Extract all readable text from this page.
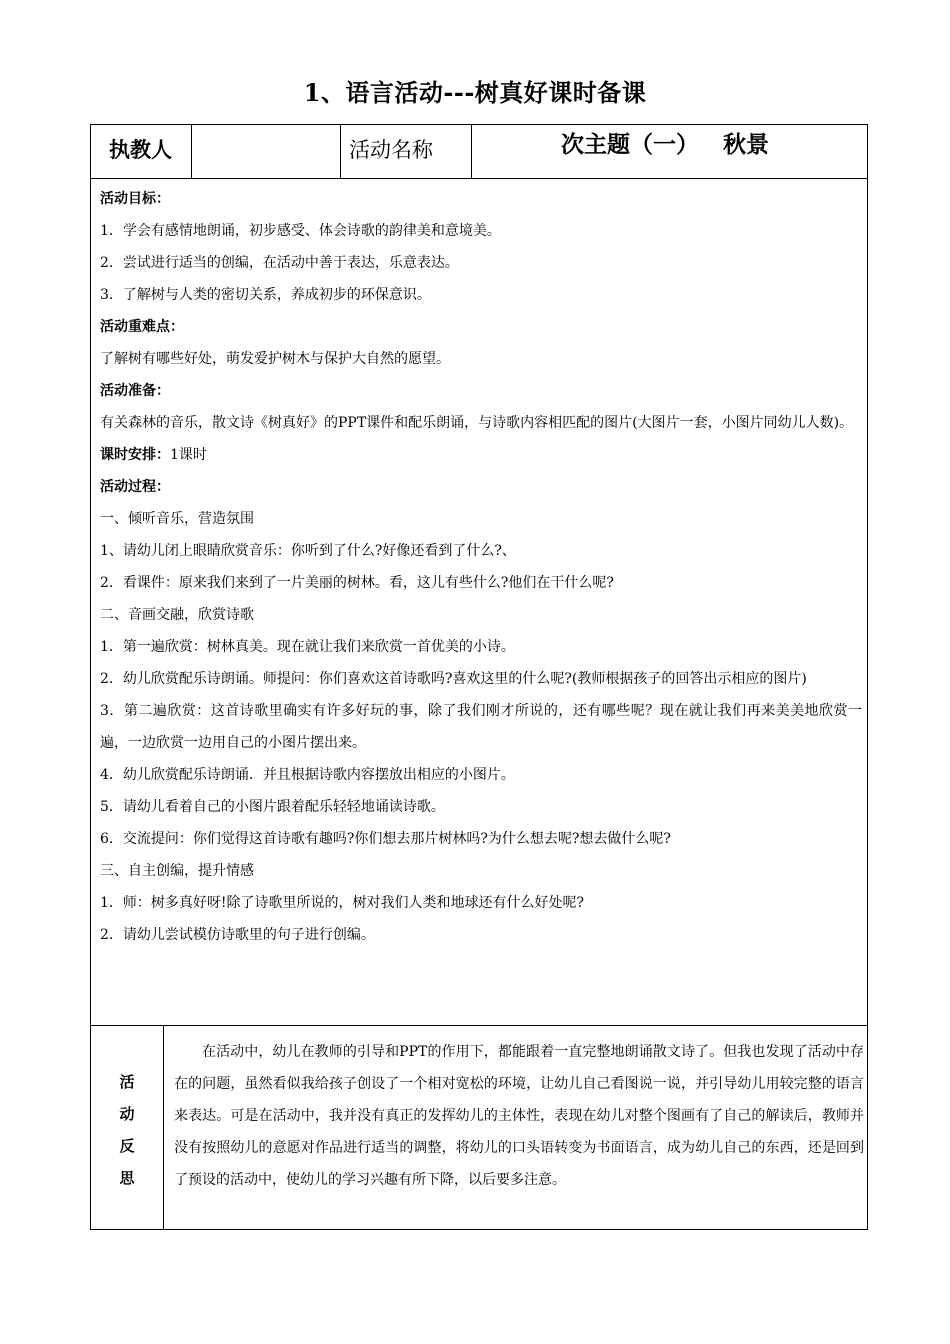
1、语言活动---树真好课时备课
执教人	活动名称	次主题（一）   秋景
活动目标：
1．学会有感情地朗诵，初步感受、体会诗歌的韵律美和意境美。
2．尝试进行适当的创编，在活动中善于表达，乐意表达。
3．了解树与人类的密切关系，养成初步的环保意识。
活动重难点：
了解树有哪些好处，萌发爱护树木与保护大自然的愿望。
活动准备：
有关森林的音乐，散文诗《树真好》的PPT课件和配乐朗诵，与诗歌内容相匹配的图片(大图片一套，小图片同幼儿人数)。
课时安排：1课时
活动过程：
一、倾听音乐，营造氛围
1、请幼儿闭上眼睛欣赏音乐：你听到了什么?好像还看到了什么?、
2．看课件：原来我们来到了一片美丽的树林。看，这儿有些什么?他们在干什么呢?
二、音画交融，欣赏诗歌
1．第一遍欣赏：树林真美。现在就让我们来欣赏一首优美的小诗。
2．幼儿欣赏配乐诗朗诵。师提问：你们喜欢这首诗歌吗?喜欢这里的什么呢?(教师根据孩子的回答出示相应的图片)
3．第二遍欣赏：这首诗歌里确实有许多好玩的事，除了我们刚才所说的，还有哪些呢？现在就让我们再来美美地欣赏一遍，一边欣赏一边用自己的小图片摆出来。
4．幼儿欣赏配乐诗朗诵．并且根据诗歌内容摆放出相应的小图片。
5．请幼儿看着自己的小图片跟着配乐轻轻地诵读诗歌。
6．交流提问：你们觉得这首诗歌有趣吗?你们想去那片树林吗?为什么想去呢?想去做什么呢?
三、自主创编，提升情感
1．师：树多真好呀!除了诗歌里所说的，树对我们人类和地球还有什么好处呢?
2．请幼儿尝试模仿诗歌里的句子进行创编。
活动反思
在活动中，幼儿在教师的引导和PPT的作用下，都能跟着一直完整地朗诵散文诗了。但我也发现了活动中存在的问题，虽然看似我给孩子创设了一个相对宽松的环境，让幼儿自己看图说一说，并引导幼儿用较完整的语言来表达。可是在活动中，我并没有真正的发挥幼儿的主体性，表现在幼儿对整个图画有了自己的解读后，教师并没有按照幼儿的意愿对作品进行适当的调整，将幼儿的口头语转变为书面语言，成为幼儿自己的东西，还是回到了预设的活动中，使幼儿的学习兴趣有所下降，以后要多注意。
